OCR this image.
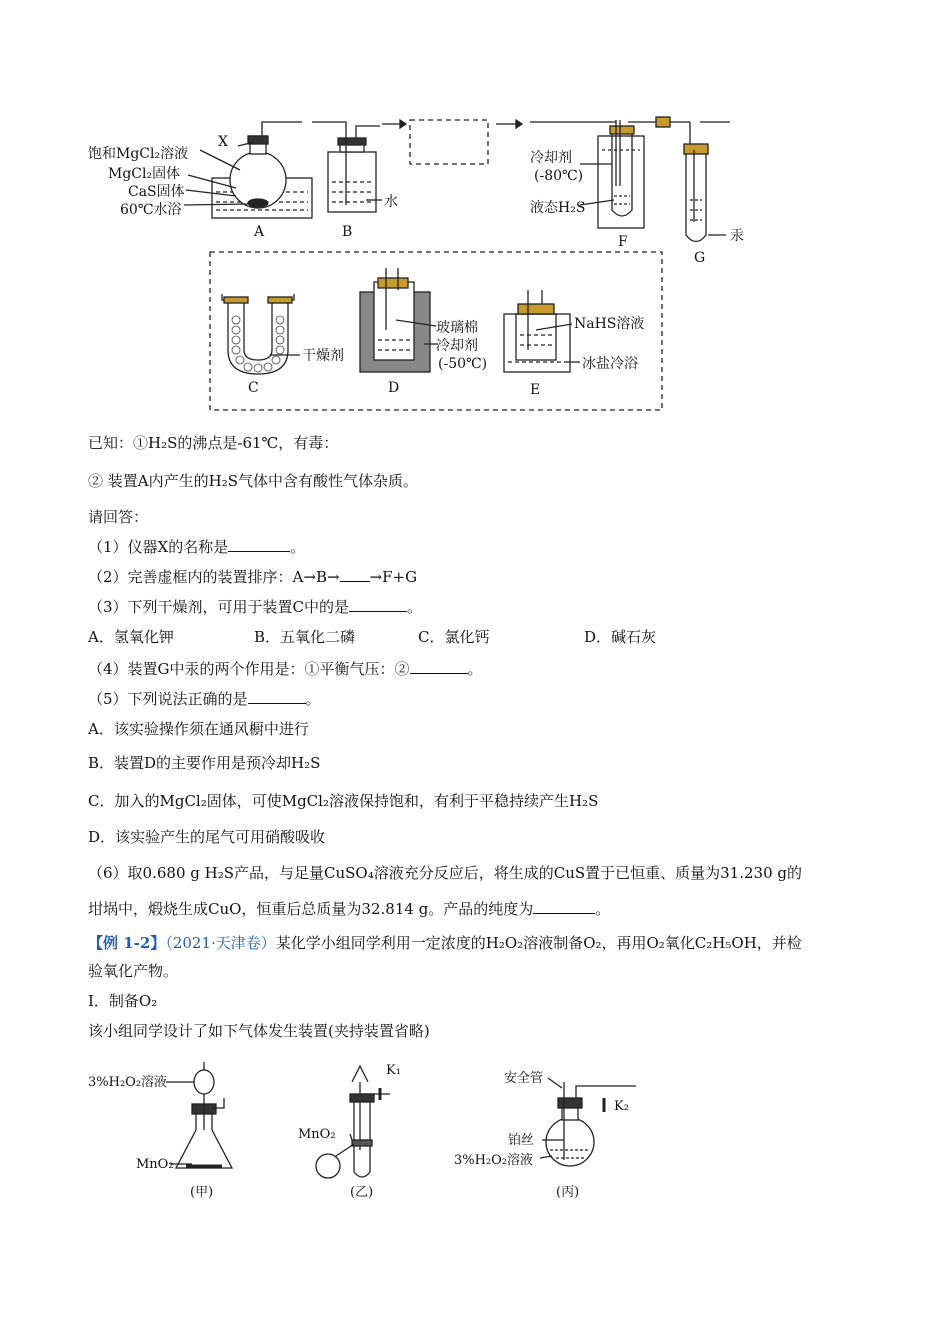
饱和MgCl₂溶液
X
MgCl₂固体
CaS固体
60℃水浴
A
水
B
冷却剂
(-80℃)
液态H₂S
F	汞
G
干燥剂
C
玻璃棉
冷却剂
(-50℃)
D
NaHS溶液
冰盐冷浴
E
已知：①H₂S的沸点是-61℃，有毒：
② 装置A内产生的H₂S气体中含有酸性气体杂质。
请回答：
（1）仪器X的名称是	。
（2）完善虚框内的装置排序：A→B→ →F+G
（3）下列干燥剂，可用于装置C中的是	。
A．氢氧化钾	B．五氧化二磷	C．氯化钙	D．碱石灰
（4）装置G中汞的两个作用是：①平衡气压：②	。
（5）下列说法正确的是	。
A．该实验操作须在通风橱中进行
B．装置D的主要作用是预冷却H₂S
C．加入的MgCl₂固体，可使MgCl₂溶液保持饱和，有利于平稳持续产生H₂S
D．该实验产生的尾气可用硝酸吸收
（6）取0.680 g H₂S产品，与足量CuSO₄溶液充分反应后，将生成的CuS置于已恒重、质量为31.230 g的
坩埚中，煅烧生成CuO，恒重后总质量为32.814 g。产品的纯度为	。
【例 1-2】（2021·天津卷）某化学小组同学利用一定浓度的H₂O₂溶液制备O₂，再用O₂氧化C₂H₅OH，并检
验氧化产物。
I．制备O₂
该小组同学设计了如下气体发生装置(夹持装置省略)
3%H₂O₂溶液
MnO₂
(甲)
K₁
MnO₂
(乙)
安全管
K₂
铂丝
3%H₂O₂溶液
(丙)
